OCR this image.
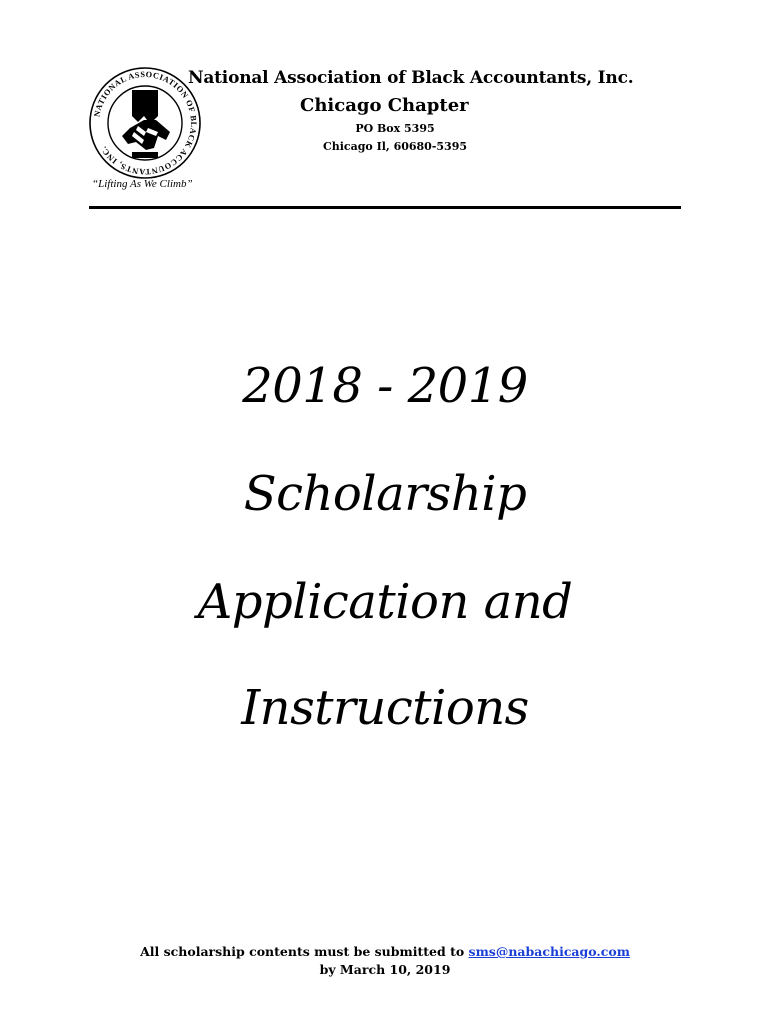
NATIONAL ASSOCIATION OF BLACK ACCOUNTANTS, INC.
“Lifting As We Climb”
National Association of Black Accountants, Inc.
Chicago Chapter
PO Box 5395
Chicago Il, 60680-5395
2018 - 2019
Scholarship
Application and
Instructions
All scholarship contents must be submitted to sms@nabachicago.com
by March 10, 2019
